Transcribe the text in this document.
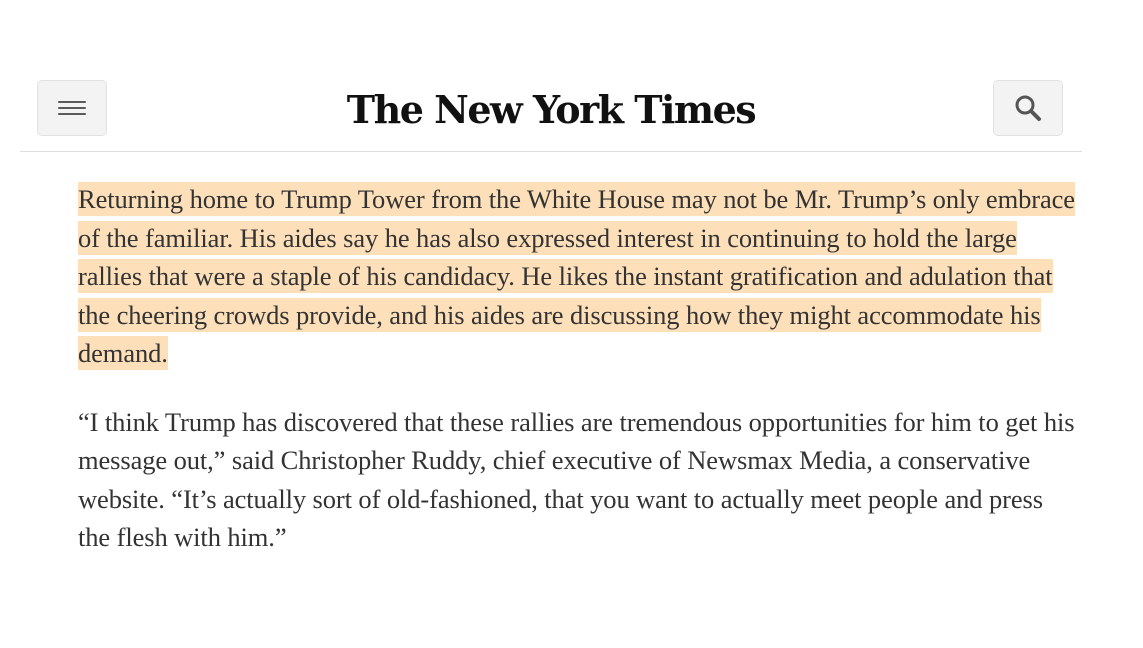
The New York Times

Returning home to Trump Tower from the White House may not be Mr. Trump’s only embrace of the familiar. His aides say he has also expressed interest in continuing to hold the large rallies that were a staple of his candidacy. He likes the instant gratification and adulation that the cheering crowds provide, and his aides are discussing how they might accommodate his demand.

“I think Trump has discovered that these rallies are tremendous opportunities for him to get his message out,” said Christopher Ruddy, chief executive of Newsmax Media, a conservative website. “It’s actually sort of old-fashioned, that you want to actually meet people and press the flesh with him.”
